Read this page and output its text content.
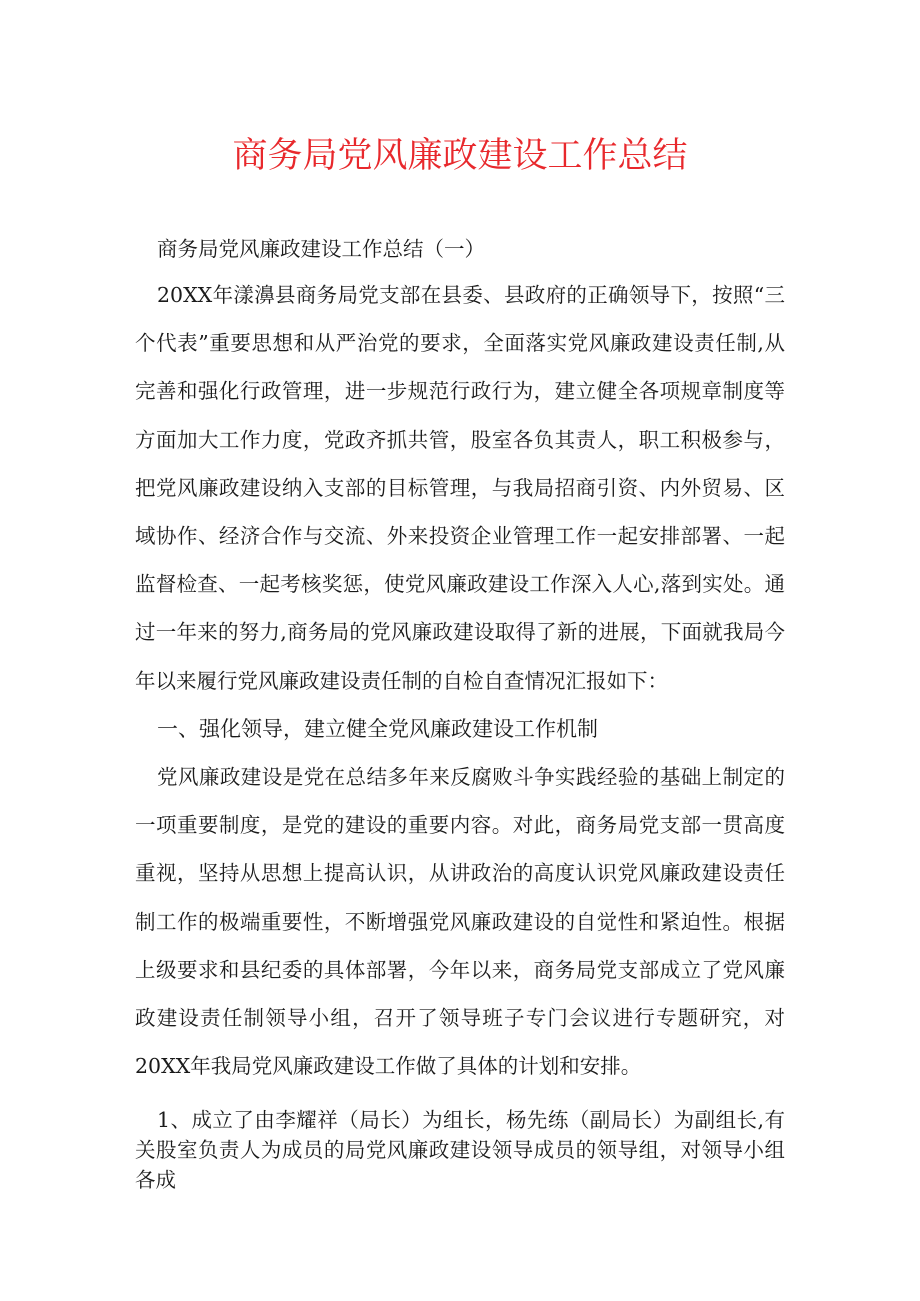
商务局党风廉政建设工作总结

商务局党风廉政建设工作总结（一）

20XX年漾濞县商务局党支部在县委、县政府的正确领导下，按照“三个代表”重要思想和从严治党的要求，全面落实党风廉政建设责任制,从完善和强化行政管理，进一步规范行政行为，建立健全各项规章制度等方面加大工作力度，党政齐抓共管，股室各负其责人，职工积极参与，把党风廉政建设纳入支部的目标管理，与我局招商引资、内外贸易、区域协作、经济合作与交流、外来投资企业管理工作一起安排部署、一起监督检查、一起考核奖惩，使党风廉政建设工作深入人心,落到实处。通过一年来的努力,商务局的党风廉政建设取得了新的进展，下面就我局今年以来履行党风廉政建设责任制的自检自查情况汇报如下：

一、强化领导，建立健全党风廉政建设工作机制

党风廉政建设是党在总结多年来反腐败斗争实践经验的基础上制定的一项重要制度，是党的建设的重要内容。对此，商务局党支部一贯高度重视，坚持从思想上提高认识，从讲政治的高度认识党风廉政建设责任制工作的极端重要性，不断增强党风廉政建设的自觉性和紧迫性。根据上级要求和县纪委的具体部署，今年以来，商务局党支部成立了党风廉政建设责任制领导小组，召开了领导班子专门会议进行专题研究，对20XX年我局党风廉政建设工作做了具体的计划和安排。

1、成立了由李耀祥（局长）为组长，杨先练（副局长）为副组长,有关股室负责人为成员的局党风廉政建设领导成员的领导组，对领导小组各成
